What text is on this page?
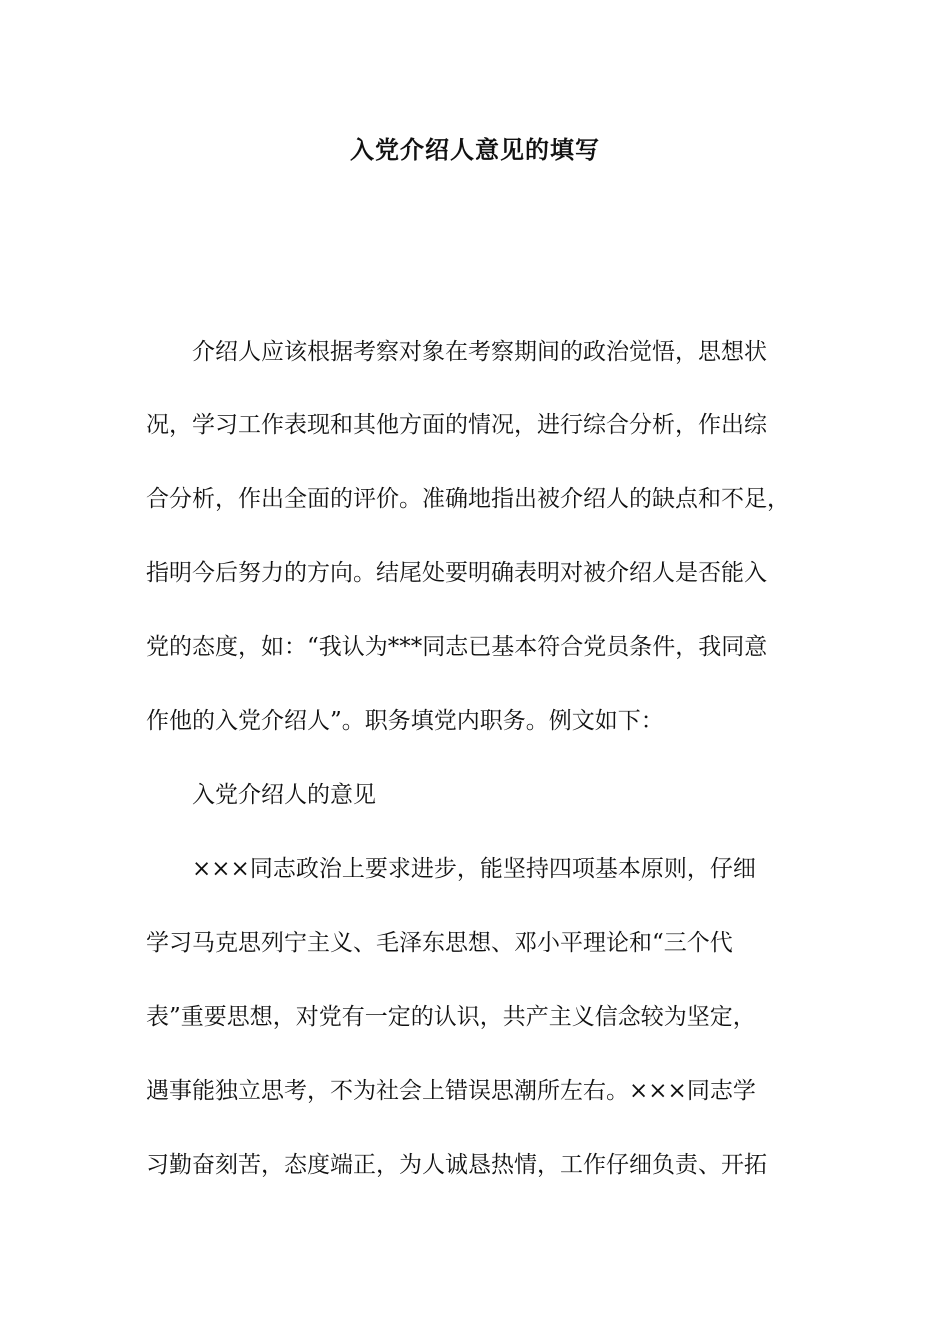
入党介绍人意见的填写
介绍人应该根据考察对象在考察期间的政治觉悟，思想状
况，学习工作表现和其他方面的情况，进行综合分析，作出综
合分析，作出全面的评价。准确地指出被介绍人的缺点和不足，
指明今后努力的方向。结尾处要明确表明对被介绍人是否能入
党的态度，如：“我认为***同志已基本符合党员条件，我同意
作他的入党介绍人”。职务填党内职务。例文如下：
入党介绍人的意见
×××同志政治上要求进步，能坚持四项基本原则，仔细
学习马克思列宁主义、毛泽东思想、邓小平理论和“三个代
表”重要思想，对党有一定的认识，共产主义信念较为坚定，
遇事能独立思考，不为社会上错误思潮所左右。×××同志学
习勤奋刻苦，态度端正，为人诚恳热情，工作仔细负责、开拓
